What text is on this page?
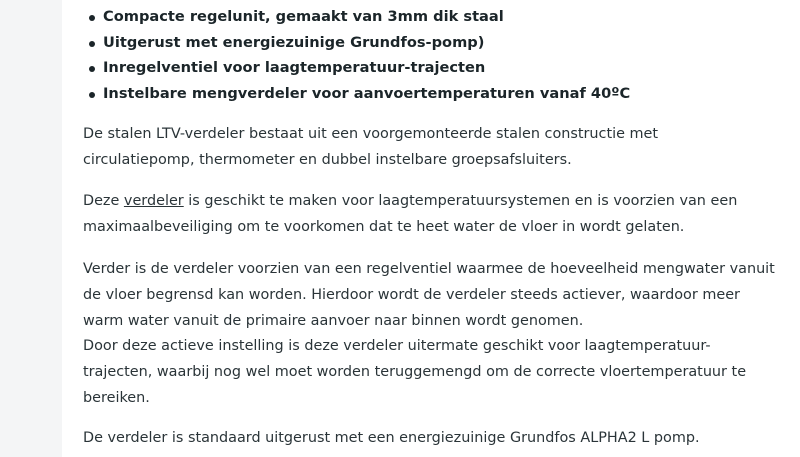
Compacte regelunit, gemaakt van 3mm dik staal
Uitgerust met energiezuinige Grundfos-pomp)
Inregelventiel voor laagtemperatuur-trajecten
Instelbare mengverdeler voor aanvoertemperaturen vanaf 40ºC

De stalen LTV-verdeler bestaat uit een voorgemonteerde stalen constructie met
circulatiepomp, thermometer en dubbel instelbare groepsafsluiters.

Deze verdeler is geschikt te maken voor laagtemperatuursystemen en is voorzien van een
maximaalbeveiliging om te voorkomen dat te heet water de vloer in wordt gelaten.

Verder is de verdeler voorzien van een regelventiel waarmee de hoeveelheid mengwater vanuit
de vloer begrensd kan worden. Hierdoor wordt de verdeler steeds actiever, waardoor meer
warm water vanuit de primaire aanvoer naar binnen wordt genomen.
Door deze actieve instelling is deze verdeler uitermate geschikt voor laagtemperatuur-
trajecten, waarbij nog wel moet worden teruggemengd om de correcte vloertemperatuur te
bereiken.

De verdeler is standaard uitgerust met een energiezuinige Grundfos ALPHA2 L pomp.
